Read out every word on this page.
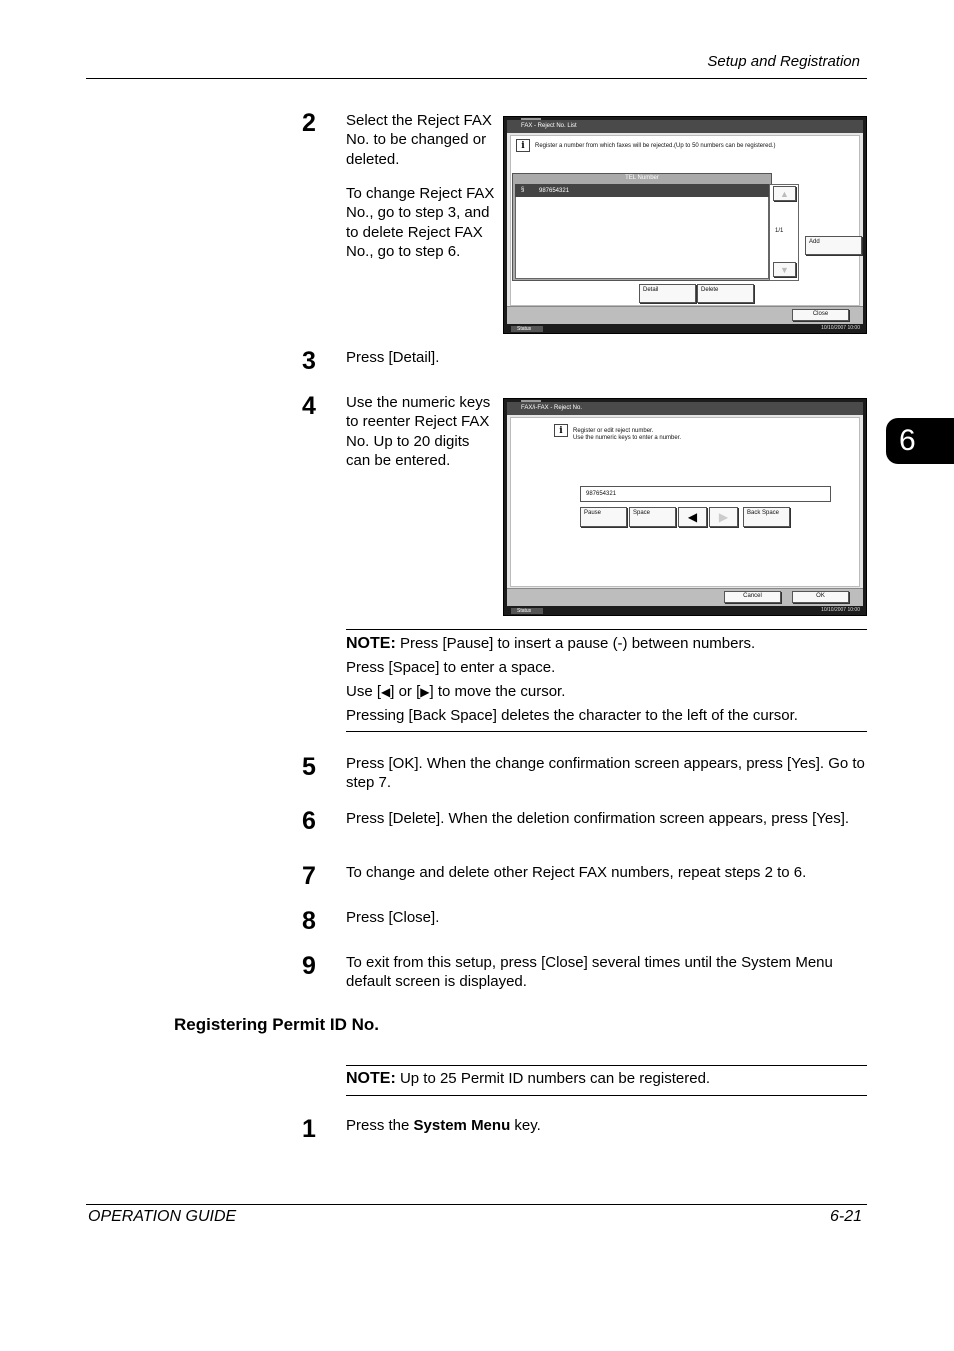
Setup and Registration
6
2 Select the Reject FAX No. to be changed or deleted.
To change Reject FAX No., go to step 3, and to delete Reject FAX No., go to step 6.
FAX - Reject No. List
i	Register a number from which faxes will be rejected.(Up to 50 numbers can be registered.)
TEL Number
§ 987654321	▲
1/1
▼
Add
Detail	Delete
Close
Status	10/10/2007 10:00
3 Press [Detail].
4 Use the numeric keys to reenter Reject FAX No. Up to 20 digits can be entered.
FAX/i-FAX - Reject No.
i	Register or edit reject number.
Use the numeric keys to enter a number.
987654321
Pause	Space	◀	▶	Back Space
Cancel	OK
Status	10/10/2007 10:00
NOTE: Press [Pause] to insert a pause (-) between numbers.
Press [Space] to enter a space.
Use [◀] or [▶] to move the cursor.
Pressing [Back Space] deletes the character to the left of the cursor.
5 Press [OK]. When the change confirmation screen appears, press [Yes]. Go to step 7.
6 Press [Delete]. When the deletion confirmation screen appears, press [Yes].
7 To change and delete other Reject FAX numbers, repeat steps 2 to 6.
8 Press [Close].
9 To exit from this setup, press [Close] several times until the System Menu default screen is displayed.
Registering Permit ID No.
NOTE: Up to 25 Permit ID numbers can be registered.
1 Press the System Menu key.
OPERATION GUIDE	6-21
